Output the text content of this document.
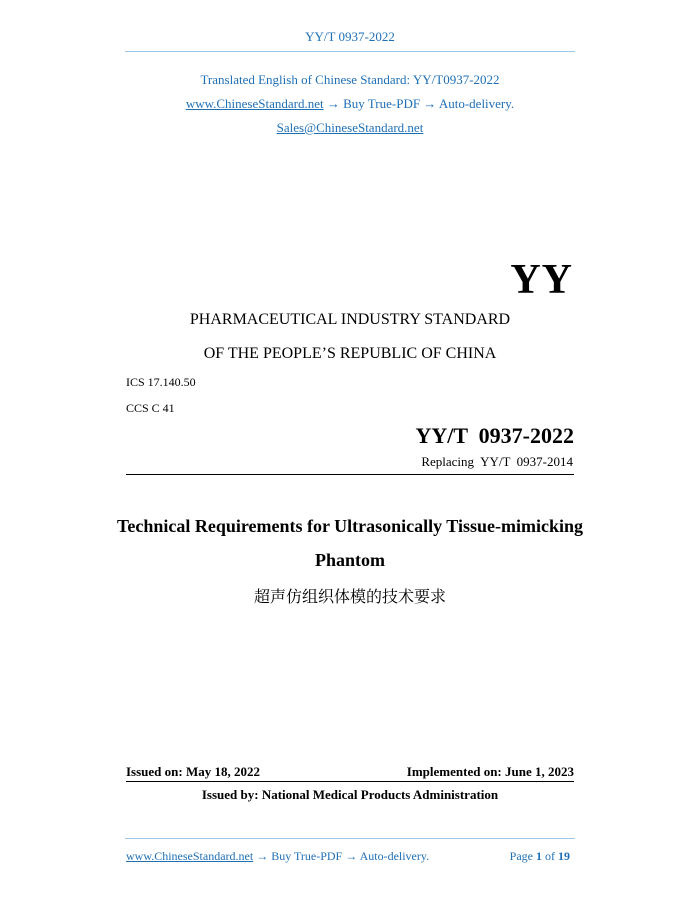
YY/T 0937-2022
Translated English of Chinese Standard: YY/T0937-2022
www.ChineseStandard.net → Buy True-PDF → Auto-delivery.
Sales@ChineseStandard.net
YY
PHARMACEUTICAL INDUSTRY STANDARD
OF THE PEOPLE’S REPUBLIC OF CHINA
ICS 17.140.50
CCS C 41
YY/T  0937-2022
Replacing  YY/T  0937-2014
Technical Requirements for Ultrasonically Tissue-mimicking
Phantom
超声仿组织体模的技术要求
Issued on: May 18, 2022	Implemented on: June 1, 2023
Issued by: National Medical Products Administration
www.ChineseStandard.net → Buy True-PDF → Auto-delivery.	Page 1 of 19
